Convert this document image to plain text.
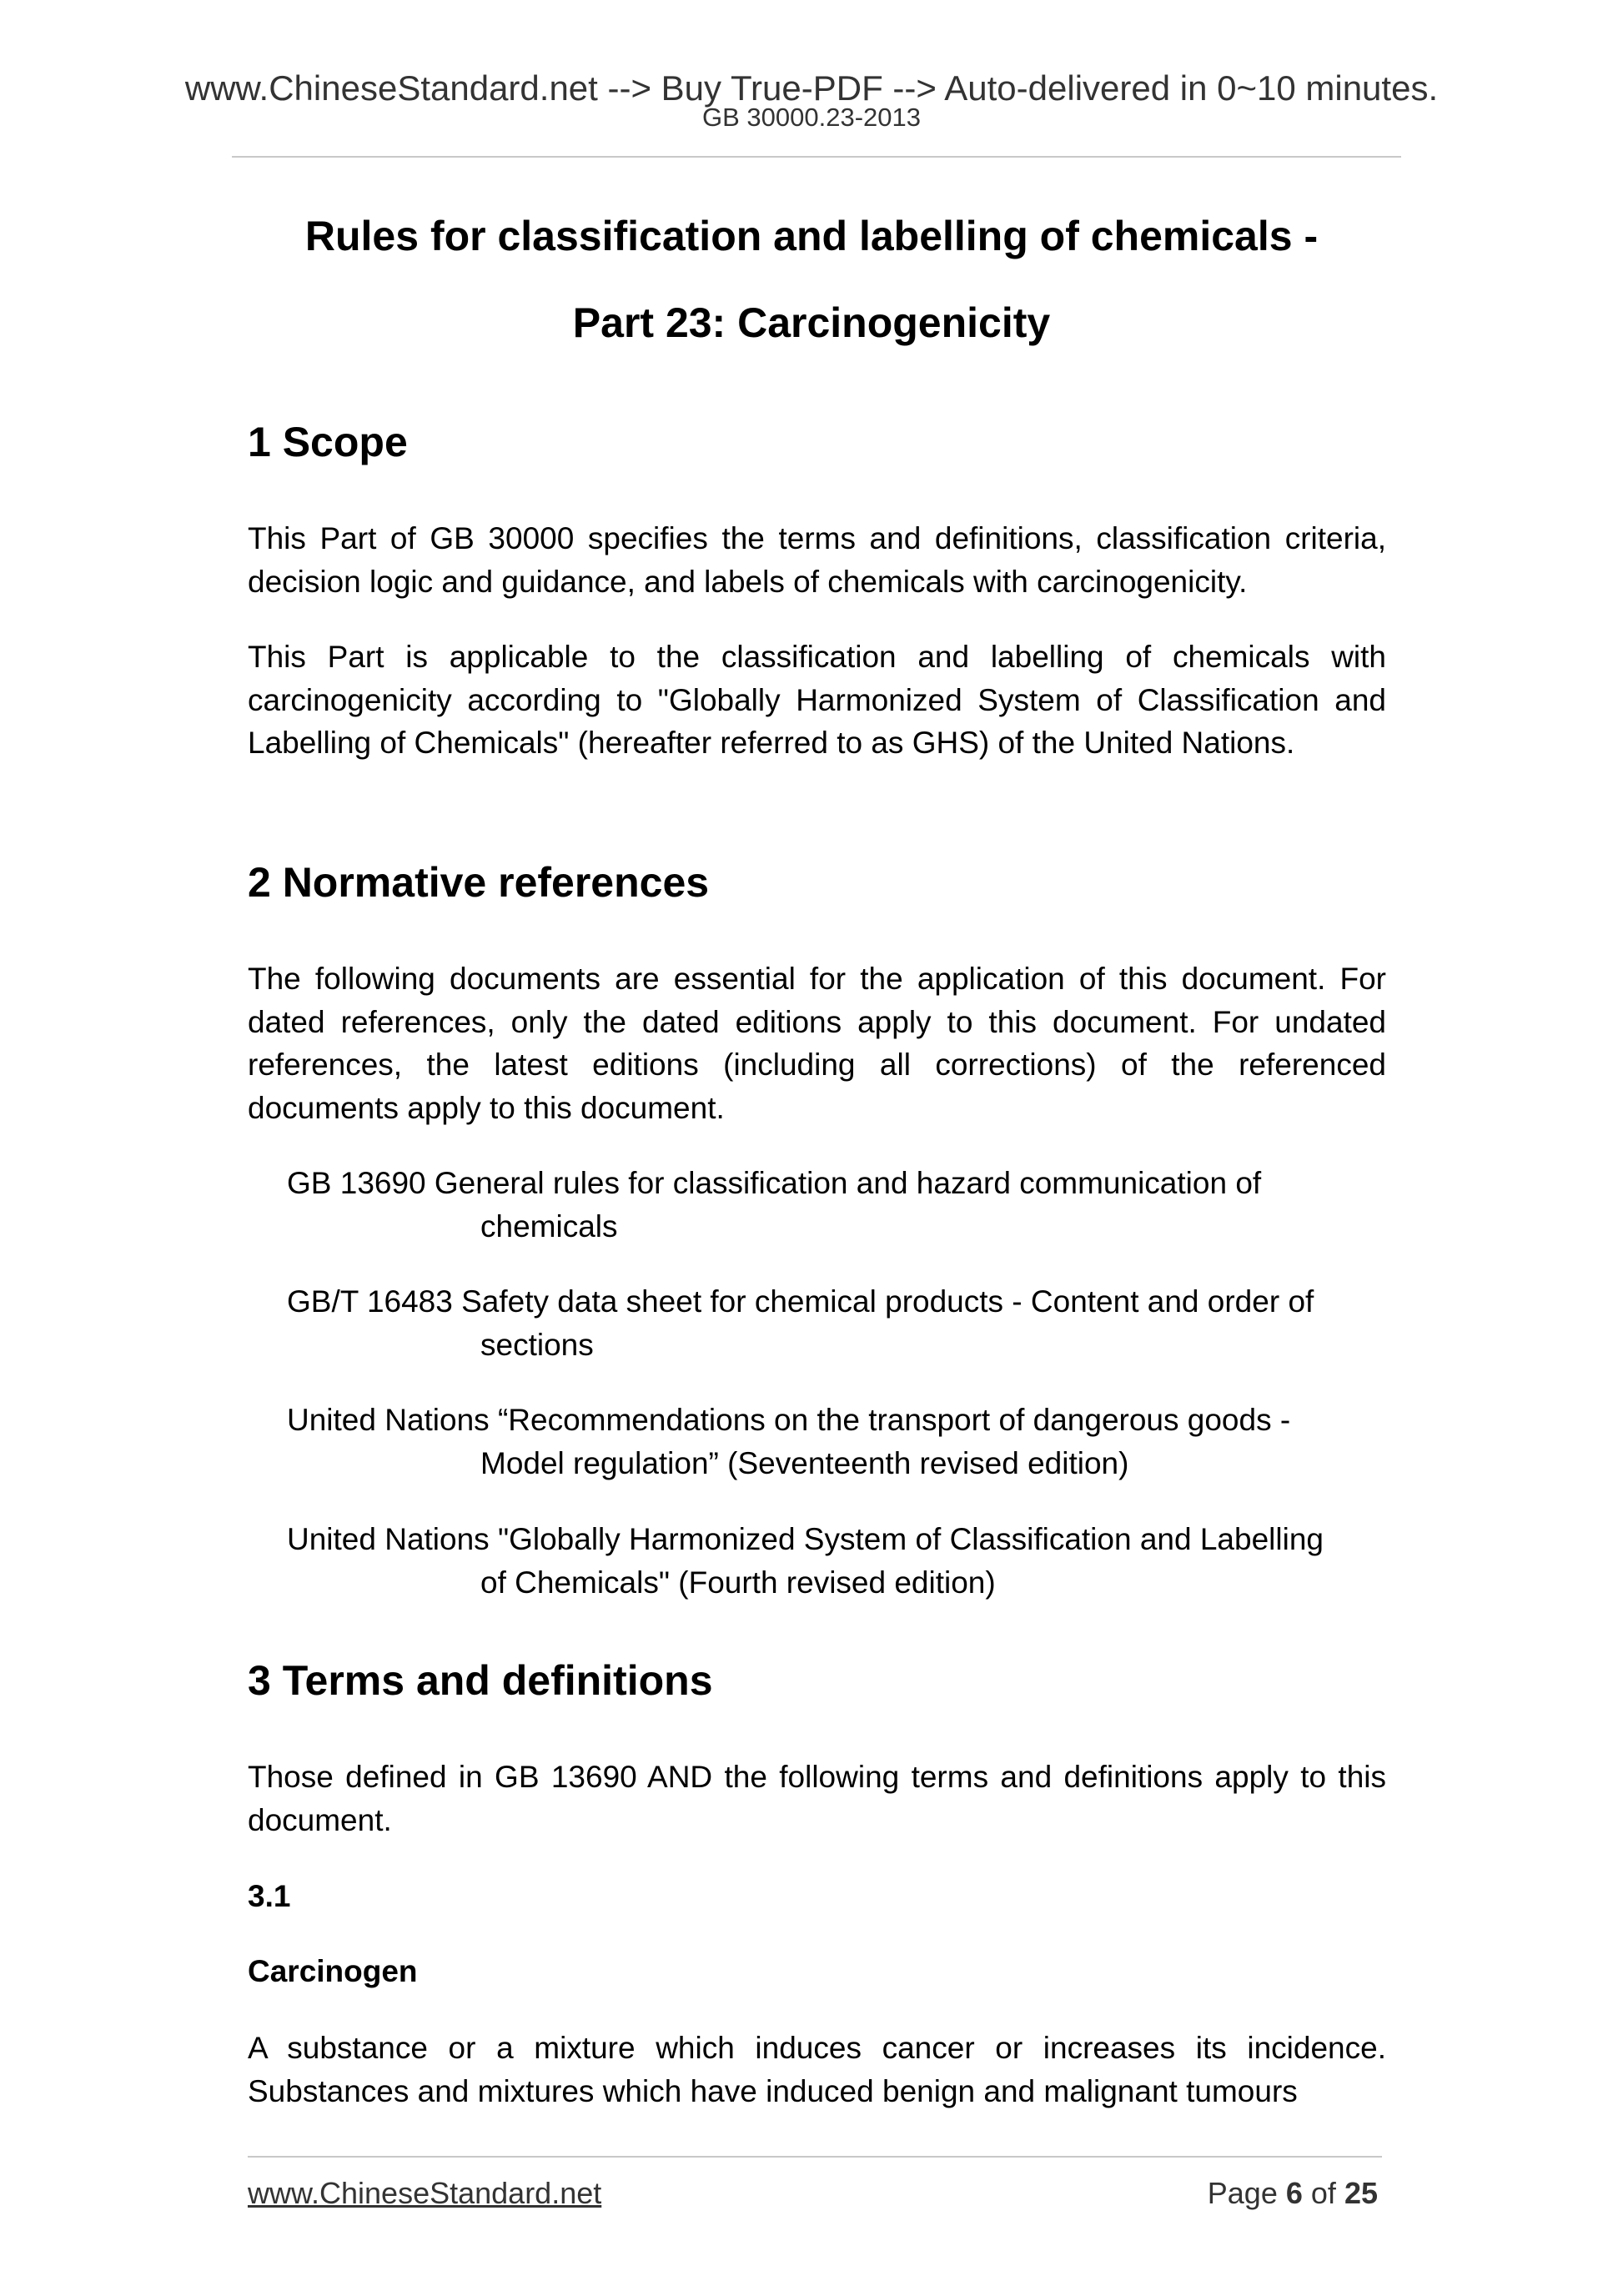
www.ChineseStandard.net --> Buy True-PDF --> Auto-delivered in 0~10 minutes.
GB 30000.23-2013
Rules for classification and labelling of chemicals -
Part 23: Carcinogenicity
1 Scope
This Part of GB 30000 specifies the terms and definitions, classification criteria, decision logic and guidance, and labels of chemicals with carcinogenicity.
This Part is applicable to the classification and labelling of chemicals with carcinogenicity according to "Globally Harmonized System of Classification and Labelling of Chemicals" (hereafter referred to as GHS) of the United Nations.
2 Normative references
The following documents are essential for the application of this document. For dated references, only the dated editions apply to this document. For undated references, the latest editions (including all corrections) of the referenced documents apply to this document.
GB 13690 General rules for classification and hazard communication of
chemicals
GB/T 16483 Safety data sheet for chemical products - Content and order of
sections
United Nations “Recommendations on the transport of dangerous goods -
Model regulation” (Seventeenth revised edition)
United Nations "Globally Harmonized System of Classification and Labelling
of Chemicals" (Fourth revised edition)
3 Terms and definitions
Those defined in GB 13690 AND the following terms and definitions apply to this document.
3.1
Carcinogen
A substance or a mixture which induces cancer or increases its incidence. Substances and mixtures which have induced benign and malignant tumours
www.ChineseStandard.net	Page 6 of 25
